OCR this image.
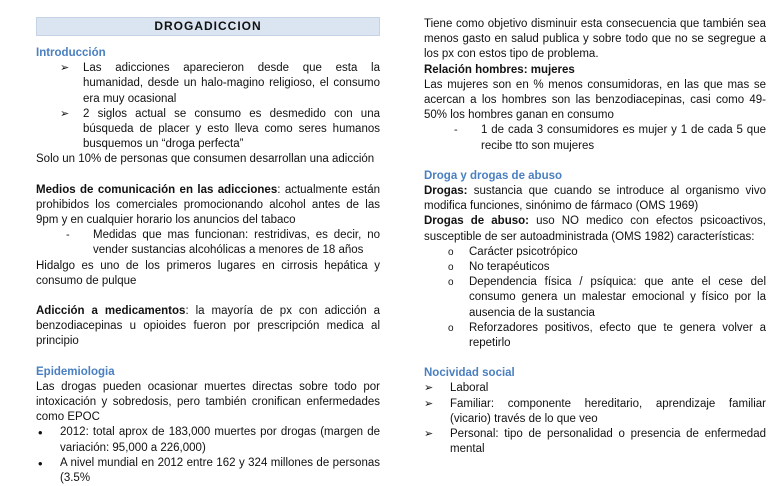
DROGADICCION
Introducción
➢ Las adicciones aparecieron desde que esta la humanidad, desde un halo-magino religioso, el consumo era muy ocasional
➢ 2 siglos actual se consumo es desmedido con una búsqueda de placer y esto lleva como seres humanos busquemos un “droga perfecta”

Solo un 10% de personas que consumen desarrollan una adicción

Medios de comunicación en las adicciones: actualmente están prohibidos los comerciales promocionando alcohol antes de las 9pm y en cualquier horario los anuncios del tabaco

- Medidas que mas funcionan: restridivas, es decir, no vender sustancias alcohólicas a menores de 18 años

Hidalgo es uno de los primeros lugares en cirrosis hepática y consumo de pulque

Adicción a medicamentos: la mayoría de px con adicción a benzodiacepinas u opioides fueron por prescripción medica al principio

Epidemiologia

Las drogas pueden ocasionar muertes directas sobre todo por intoxicación y sobredosis, pero también cronifican enfermedades como EPOC

• 2012: total aprox de 183,000 muertes por drogas (margen de variación: 95,000 a 226,000)
• A nivel mundial en 2012 entre 162 y 324 millones de personas (3.5%

Tiene como objetivo disminuir esta consecuencia que también sea menos gasto en salud publica y sobre todo que no se segregue a los px con estos tipo de problema.

Relación hombres: mujeres

Las mujeres son en % menos consumidoras, en las que mas se acercan a los hombres son las benzodiacepinas, casi como 49-50% los hombres ganan en consumo

- 1 de cada 3 consumidores es mujer y 1 de cada 5 que recibe tto son mujeres
Droga y drogas de abuso

Drogas: sustancia que cuando se introduce al organismo vivo modifica funciones, sinónimo de fármaco (OMS 1969)

Drogas de abuso: uso NO medico con efectos psicoactivos, susceptible de ser autoadministrada (OMS 1982) características:

o Carácter psicotrópico
o No terapéuticos
o Dependencia física / psíquica: que ante el cese del consumo genera un malestar emocional y físico por la ausencia de la sustancia
o Reforzadores positivos, efecto que te genera volver a repetirlo
Nocividad social
➢ Laboral
➢ Familiar: componente hereditario, aprendizaje familiar (vicario) través de lo que veo
➢ Personal: tipo de personalidad o presencia de enfermedad mental
